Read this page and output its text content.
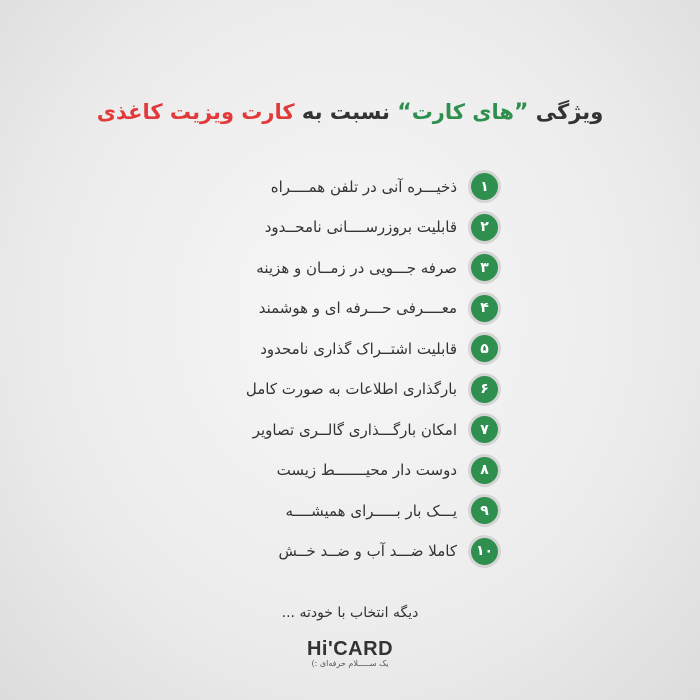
ویژگی ”های کارت“ نسبت به کارت ویزیت کاغذی
۱
ذخیـــره آنی در تلفن همــــراه
۲
قابلیت بروزرســــانی نامحــدود
۳
صرفه جـــویی در زمــان و هزینه
۴
معــــرفی حـــرفه ای و هوشمند
۵
قابلیت اشتــراک گذاری نامحدود
۶
بارگذاری اطلاعات به صورت کامل
۷
امکان بارگـــذاری گالــری تصاویر
۸
دوست دار محیـــــــط زیست
۹
یـــک بار بـــــرای همیشــــه
۱۰
کاملا ضـــد آب و ضــد خــش
دیگه انتخاب با خودته ...
Hi'CARD
یک ســـــلام حرفه‌ای :)
